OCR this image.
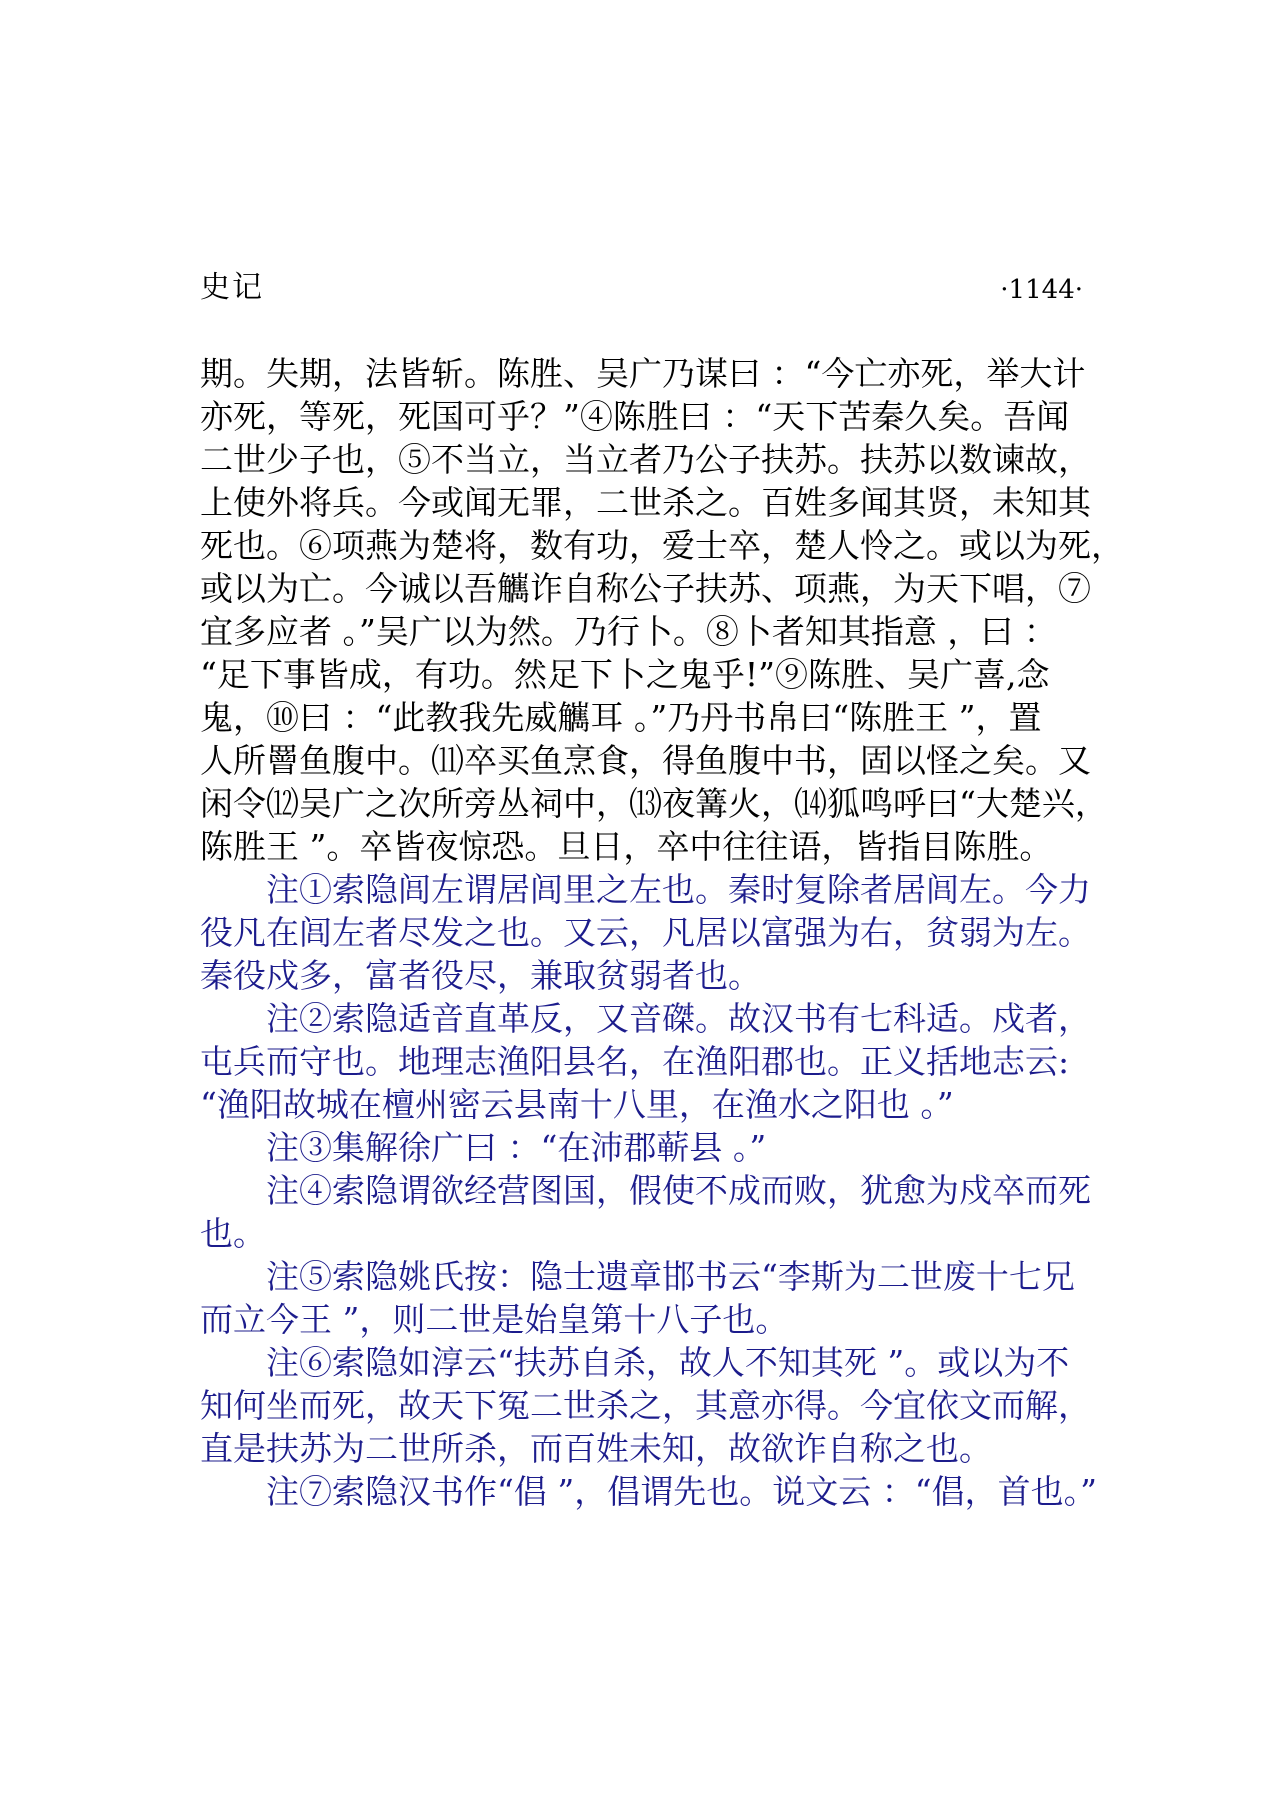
史记	·1144·
期。失期，法皆斩。陈胜、吴广乃谋曰 ：“今亡亦死，举大计
亦死，等死，死国可乎？”④陈胜曰 ：“天下苦秦久矣。吾闻
二世少子也，⑤不当立，当立者乃公子扶苏。扶苏以数谏故，
上使外将兵。今或闻无罪，二世杀之。百姓多闻其贤，未知其
死也。⑥项燕为楚将，数有功，爱士卒，楚人怜之。或以为死，
或以为亡。今诚以吾觽诈自称公子扶苏、项燕，为天下唱，⑦
宜多应者 。”吴广以为然。乃行卜。⑧卜者知其指意 ，曰 ：
“足下事皆成，有功。然足下卜之鬼乎!”⑨陈胜、吴广喜,念
鬼，⑩曰 ：“此教我先威觽耳 。”乃丹书帛曰“陈胜王 ”，置
人所罾鱼腹中。⑾卒买鱼烹食，得鱼腹中书，固以怪之矣。又
闲令⑿吴广之次所旁丛祠中，⒀夜篝火，⒁狐鸣呼曰“大楚兴，
陈胜王 ”。卒皆夜惊恐。旦日，卒中往往语，皆指目陈胜。
注①索隐闾左谓居闾里之左也。秦时复除者居闾左。今力
役凡在闾左者尽发之也。又云，凡居以富强为右，贫弱为左。
秦役戍多，富者役尽，兼取贫弱者也。
注②索隐适音直革反，又音磔。故汉书有七科适。戍者，
屯兵而守也。地理志渔阳县名，在渔阳郡也。正义括地志云:
“渔阳故城在檀州密云县南十八里，在渔水之阳也 。”
注③集解徐广曰 ：“在沛郡蕲县 。”
注④索隐谓欲经营图国，假使不成而败，犹愈为戍卒而死
也。
注⑤索隐姚氏按：隐士遗章邯书云“李斯为二世废十七兄
而立今王 ”，则二世是始皇第十八子也。
注⑥索隐如淳云“扶苏自杀，故人不知其死 ”。或以为不
知何坐而死，故天下冤二世杀之，其意亦得。今宜依文而解，
直是扶苏为二世所杀，而百姓未知，故欲诈自称之也。
注⑦索隐汉书作“倡 ”，倡谓先也。说文云 ：“倡，首也。”
